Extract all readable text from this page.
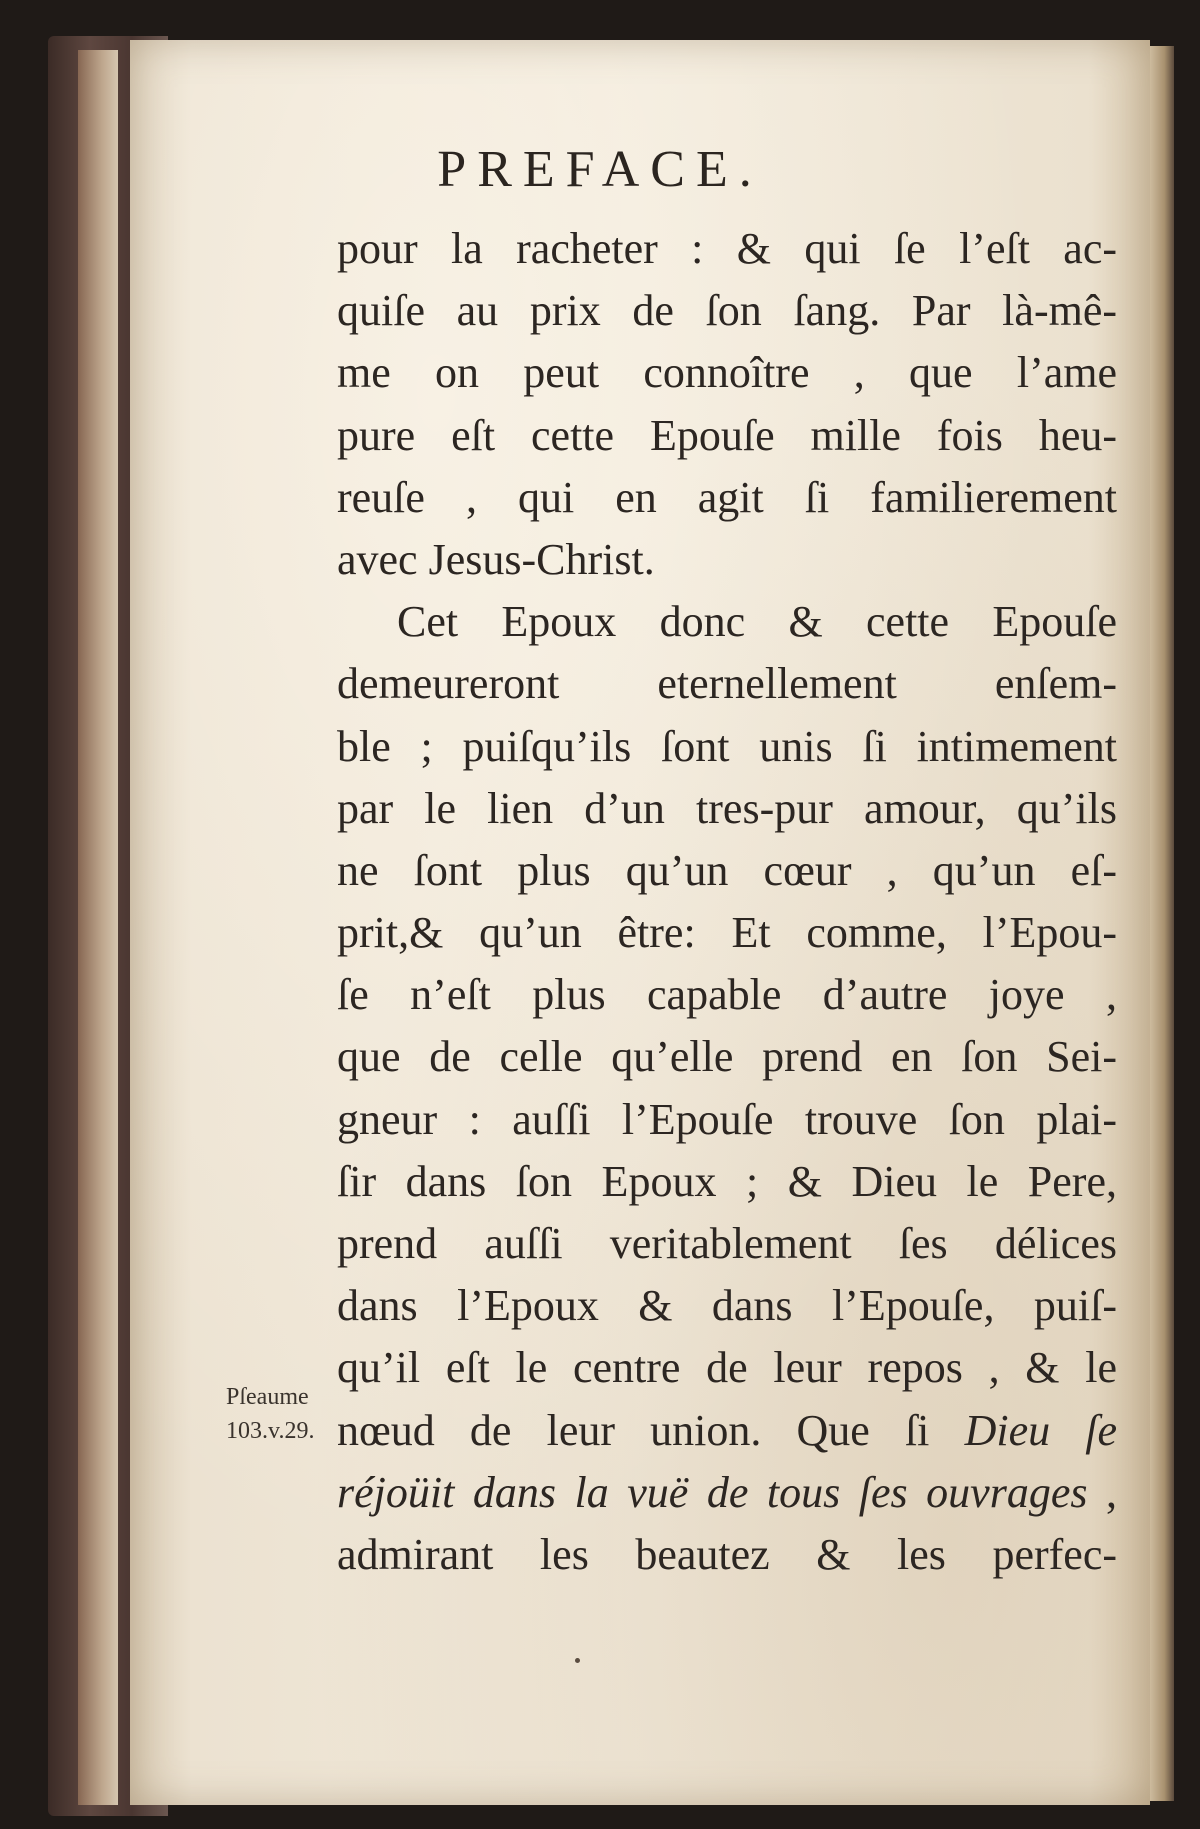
PREFACE.
pour la racheter : & qui ſe l’eſt ac-
quiſe au prix de ſon ſang. Par là-mê-
me on peut connoître , que l’ame
pure eſt cette Epouſe mille fois heu-
reuſe , qui en agit ſi familierement
avec Jesus-Christ.
Cet Epoux donc & cette Epouſe
demeureront eternellement enſem-
ble ; puiſqu’ils ſont unis ſi intimement
par le lien d’un tres-pur amour, qu’ils
ne ſont plus qu’un cœur , qu’un eſ-
prit,& qu’un être: Et comme, l’Epou-
ſe n’eſt plus capable d’autre joye ,
que de celle qu’elle prend en ſon Sei-
gneur : auſſi l’Epouſe trouve ſon plai-
ſir dans ſon Epoux ; & Dieu le Pere,
prend auſſi veritablement ſes délices
dans l’Epoux & dans l’Epouſe, puiſ-
qu’il eſt le centre de leur repos , & le
nœud de leur union. Que ſi Dieu ſe
réjoüit dans la vuë de tous ſes ouvrages ,
admirant les beautez & les perfec-
Pſeaume
103.v.29.
